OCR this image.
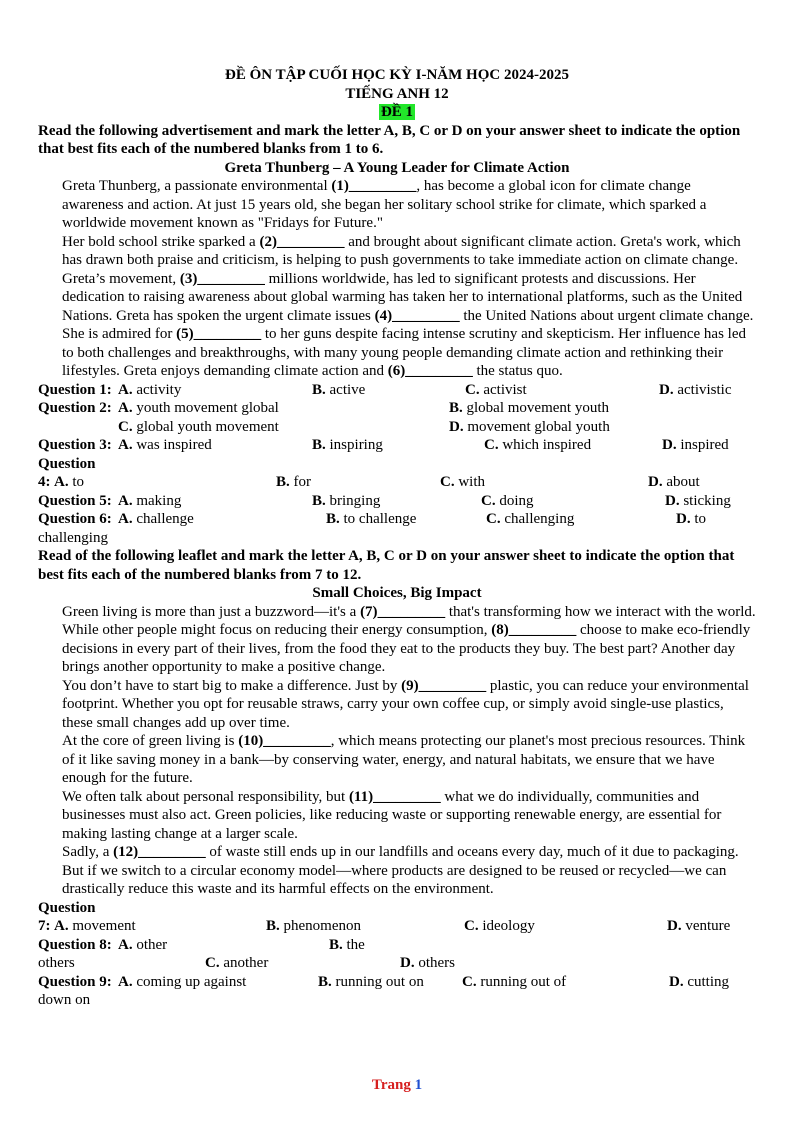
ĐỀ ÔN TẬP CUỐI HỌC KỲ I-NĂM HỌC 2024-2025
TIẾNG ANH 12
ĐỀ 1
Read the following advertisement and mark the letter A, B, C or D on your answer sheet to indicate the option that best fits each of the numbered blanks from 1 to 6.
Greta Thunberg – A Young Leader for Climate Action

Greta Thunberg, a passionate environmental (1)_________, has become a global icon for climate change awareness and action. At just 15 years old, she began her solitary school strike for climate, which sparked a worldwide movement known as "Fridays for Future."

Her bold school strike sparked a (2)_________ and brought about significant climate action. Greta's work, which has drawn both praise and criticism, is helping to push governments to take immediate action on climate change.

Greta’s movement, (3)_________ millions worldwide, has led to significant protests and discussions. Her dedication to raising awareness about global warming has taken her to international platforms, such as the United Nations. Greta has spoken the urgent climate issues (4)_________ the United Nations about urgent climate change.

She is admired for (5)_________ to her guns despite facing intense scrutiny and skepticism. Her influence has led to both challenges and breakthroughs, with many young people demanding climate action and rethinking their lifestyles. Greta enjoys demanding climate action and (6)_________ the status quo.

Question 1: A. activity	B. active	C. activist	D. activistic
Question 2: A. youth movement global	B. global movement youth
C. global youth movement	D. movement global youth
Question 3: A. was inspired	B. inspiring	C. which inspired	D. inspired
Question
4: A. to	B. for	C. with	D. about
Question 5: A. making	B. bringing	C. doing	D. sticking
Question 6: A. challenge	B. to challenge	C. challenging	D. to
challenging
Read of the following leaflet and mark the letter A, B, C or D on your answer sheet to indicate the option that best fits each of the numbered blanks from 7 to 12.
Small Choices, Big Impact

Green living is more than just a buzzword—it's a (7)_________ that's transforming how we interact with the world. While other people might focus on reducing their energy consumption, (8)_________ choose to make eco-friendly decisions in every part of their lives, from the food they eat to the products they buy. The best part? Another day brings another opportunity to make a positive change.

You don’t have to start big to make a difference. Just by (9)_________ plastic, you can reduce your environmental footprint. Whether you opt for reusable straws, carry your own coffee cup, or simply avoid single-use plastics, these small changes add up over time.

At the core of green living is (10)_________, which means protecting our planet's most precious resources. Think of it like saving money in a bank—by conserving water, energy, and natural habitats, we ensure that we have enough for the future.

We often talk about personal responsibility, but (11)_________ what we do individually, communities and businesses must also act. Green policies, like reducing waste or supporting renewable energy, are essential for making lasting change at a larger scale.

Sadly, a (12)_________ of waste still ends up in our landfills and oceans every day, much of it due to packaging. But if we switch to a circular economy model—where products are designed to be reused or recycled—we can drastically reduce this waste and its harmful effects on the environment.

Question
7: A. movement	B. phenomenon	C. ideology	D. venture
Question 8: A. other	B. the
others	C. another	D. others
Question 9: A. coming up against	B. running out on	C. running out of	D. cutting
down on
Trang 1
